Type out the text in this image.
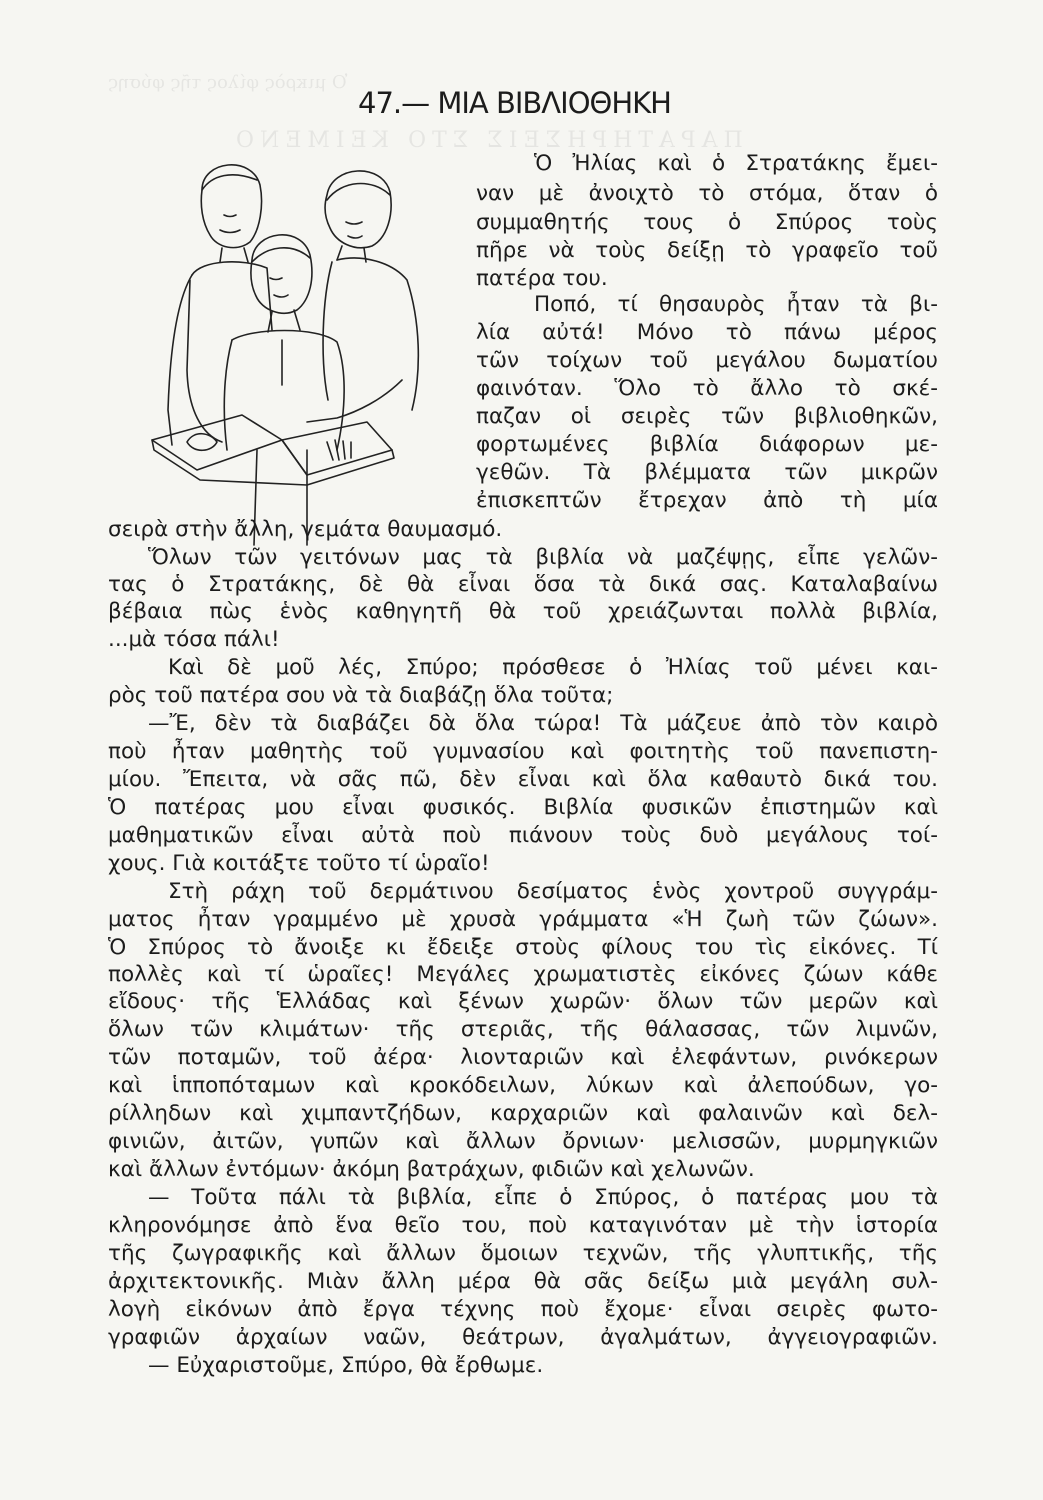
Ὁ μικρὸς φίλος τῆς φύσης
ΠΑΡΑΤΗΡΗΣΕΙΣ ΣΤΟ ΚΕΙΜΕΝΟ
47.— ΜΙΑ ΒΙΒΛΙΟΘΗΚΗ
Ὁ Ἠλίας καὶ ὁ Στρατάκης ἔμει-
ναν μὲ ἀνοιχτὸ τὸ στόμα, ὅταν ὁ
συμμαθητής τους ὁ Σπύρος τοὺς
πῆρε νὰ τοὺς δείξῃ τὸ γραφεῖο τοῦ
πατέρα του.
Ποπό, τί θησαυρὸς ἦταν τὰ βι-
λία αὐτά! Μόνο τὸ πάνω μέρος
τῶν τοίχων τοῦ μεγάλου δωματίου
φαινόταν. Ὅλο τὸ ἄλλο τὸ σκέ-
παζαν οἱ σειρὲς τῶν βιβλιοθηκῶν,
φορτωμένες βιβλία διάφορων με-
γεθῶν. Τὰ βλέμματα τῶν μικρῶν
ἐπισκεπτῶν ἔτρεχαν ἀπὸ τὴ μία
σειρὰ στὴν ἄλλη, γεμάτα θαυμασμό.
Ὅλων τῶν γειτόνων μας τὰ βιβλία νὰ μαζέψῃς, εἶπε γελῶν-
τας ὁ Στρατάκης, δὲ θὰ εἶναι ὅσα τὰ δικά σας. Καταλαβαίνω
βέβαια πὼς ἑνὸς καθηγητῆ θὰ τοῦ χρειάζωνται πολλὰ βιβλία,
...μὰ τόσα πάλι!
Καὶ δὲ μοῦ λές, Σπύρο; πρόσθεσε ὁ Ἠλίας τοῦ μένει και-
ρὸς τοῦ πατέρα σου νὰ τὰ διαβάζῃ ὅλα τοῦτα;
—Ἔ, δὲν τὰ διαβάζει δὰ ὅλα τώρα! Τὰ μάζευε ἀπὸ τὸν καιρὸ
ποὺ ἦταν μαθητὴς τοῦ γυμνασίου καὶ φοιτητὴς τοῦ πανεπιστη-
μίου. Ἔπειτα, νὰ σᾶς πῶ, δὲν εἶναι καὶ ὅλα καθαυτὸ δικά του.
Ὁ πατέρας μου εἶναι φυσικός. Βιβλία φυσικῶν ἐπιστημῶν καὶ
μαθηματικῶν εἶναι αὐτὰ ποὺ πιάνουν τοὺς δυὸ μεγάλους τοί-
χους. Γιὰ κοιτάξτε τοῦτο τί ὡραῖο!
Στὴ ράχη τοῦ δερμάτινου δεσίματος ἑνὸς χοντροῦ συγγράμ-
ματος ἦταν γραμμένο μὲ χρυσὰ γράμματα «Ἡ ζωὴ τῶν ζώων».
Ὁ Σπύρος τὸ ἄνοιξε κι ἔδειξε στοὺς φίλους του τὶς εἰκόνες. Τί
πολλὲς καὶ τί ὡραῖες! Μεγάλες χρωματιστὲς εἰκόνες ζώων κάθε
εἴδους· τῆς Ἑλλάδας καὶ ξένων χωρῶν· ὅλων τῶν μερῶν καὶ
ὅλων τῶν κλιμάτων· τῆς στεριᾶς, τῆς θάλασσας, τῶν λιμνῶν,
τῶν ποταμῶν, τοῦ ἀέρα· λιονταριῶν καὶ ἐλεφάντων, ρινόκερων
καὶ ἱπποπόταμων καὶ κροκόδειλων, λύκων καὶ ἀλεπούδων, γο-
ρίλληδων καὶ χιμπαντζήδων, καρχαριῶν καὶ φαλαινῶν καὶ δελ-
φινιῶν, ἀιτῶν, γυπῶν καὶ ἄλλων ὄρνιων· μελισσῶν, μυρμηγκιῶν
καὶ ἄλλων ἐντόμων· ἀκόμη βατράχων, φιδιῶν καὶ χελωνῶν.
— Τοῦτα πάλι τὰ βιβλία, εἶπε ὁ Σπύρος, ὁ πατέρας μου τὰ
κληρονόμησε ἀπὸ ἕνα θεῖο του, ποὺ καταγινόταν μὲ τὴν ἱστορία
τῆς ζωγραφικῆς καὶ ἄλλων ὅμοιων τεχνῶν, τῆς γλυπτικῆς, τῆς
ἀρχιτεκτονικῆς. Μιὰν ἄλλη μέρα θὰ σᾶς δείξω μιὰ μεγάλη συλ-
λογὴ εἰκόνων ἀπὸ ἔργα τέχνης ποὺ ἔχομε· εἶναι σειρὲς φωτο-
γραφιῶν ἀρχαίων ναῶν, θεάτρων, ἀγαλμάτων, ἀγγειογραφιῶν.
— Εὐχαριστοῦμε, Σπύρο, θὰ ἔρθωμε.
